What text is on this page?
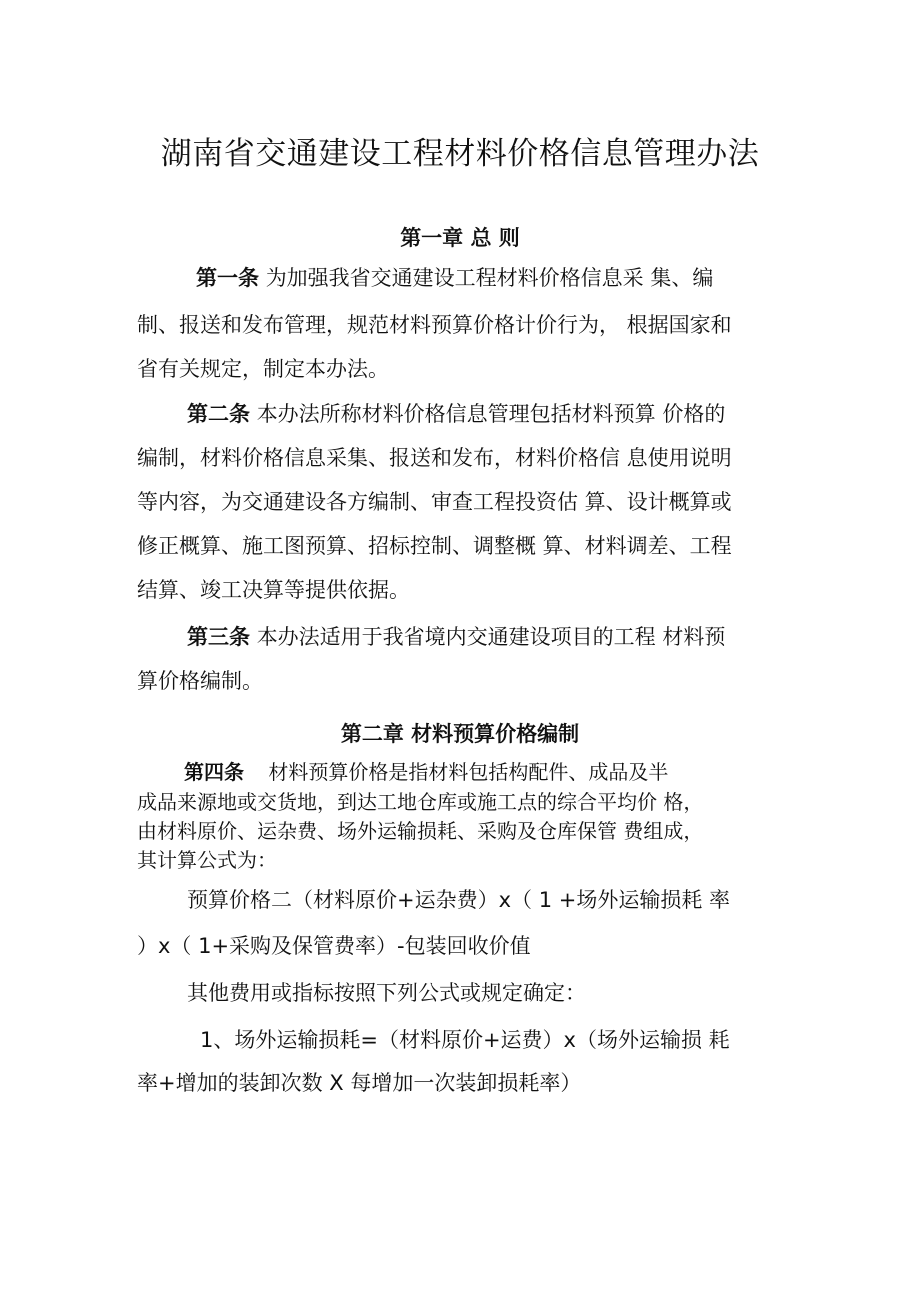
湖南省交通建设工程材料价格信息管理办法
第一章 总 则

第一条 为加强我省交通建设工程材料价格信息采 集、编

制、报送和发布管理，规范材料预算价格计价行为， 根据国家和

省有关规定，制定本办法。

第二条 本办法所称材料价格信息管理包括材料预算 价格的

编制，材料价格信息采集、报送和发布，材料价格信 息使用说明

等内容，为交通建设各方编制、审查工程投资估 算、设计概算或

修正概算、施工图预算、招标控制、调整概 算、材料调差、工程

结算、竣工决算等提供依据。

第三条 本办法适用于我省境内交通建设项目的工程 材料预

算价格编制。

第二章 材料预算价格编制

第四条 材料预算价格是指材料包括构配件、成品及半

成品来源地或交货地，到达工地仓库或施工点的综合平均价 格，

由材料原价、运杂费、场外运输损耗、采购及仓库保管 费组成，

其计算公式为：

预算价格二（材料原价+运杂费）x（ 1 +场外运输损耗 率

）x（ 1+采购及保管费率）-包装回收价值

其他费用或指标按照下列公式或规定确定：

1、场外运输损耗=（材料原价+运费）x（场外运输损 耗

率+增加的装卸次数 X 每增加一次装卸损耗率）
